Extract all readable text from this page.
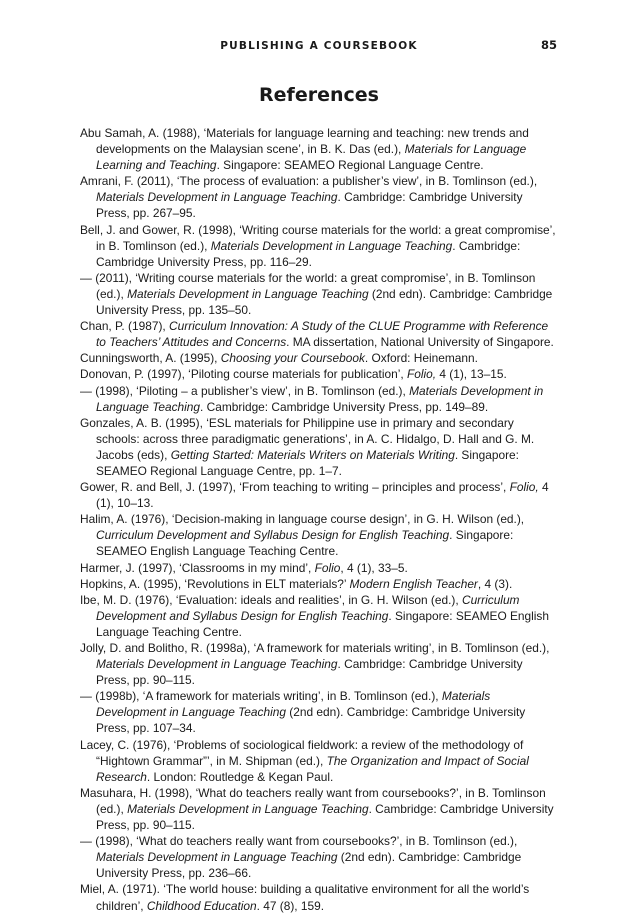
PUBLISHING A COURSEBOOK	85
References
Abu Samah, A. (1988), ‘Materials for language learning and teaching: new trends and developments on the Malaysian scene’, in B. K. Das (ed.), Materials for Language Learning and Teaching. Singapore: SEAMEO Regional Language Centre.
Amrani, F. (2011), ‘The process of evaluation: a publisher’s view’, in B. Tomlinson (ed.), Materials Development in Language Teaching. Cambridge: Cambridge University Press, pp. 267–95.
Bell, J. and Gower, R. (1998), ‘Writing course materials for the world: a great compromise’, in B. Tomlinson (ed.), Materials Development in Language Teaching. Cambridge: Cambridge University Press, pp. 116–29.
— (2011), ‘Writing course materials for the world: a great compromise’, in B. Tomlinson (ed.), Materials Development in Language Teaching (2nd edn). Cambridge: Cambridge University Press, pp. 135–50.
Chan, P. (1987), Curriculum Innovation: A Study of the CLUE Programme with Reference to Teachers’ Attitudes and Concerns. MA dissertation, National University of Singapore.
Cunningsworth, A. (1995), Choosing your Coursebook. Oxford: Heinemann.
Donovan, P. (1997), ‘Piloting course materials for publication’, Folio, 4 (1), 13–15.
— (1998), ‘Piloting – a publisher’s view’, in B. Tomlinson (ed.), Materials Development in Language Teaching. Cambridge: Cambridge University Press, pp. 149–89.
Gonzales, A. B. (1995), ‘ESL materials for Philippine use in primary and secondary schools: across three paradigmatic generations’, in A. C. Hidalgo, D. Hall and G. M. Jacobs (eds), Getting Started: Materials Writers on Materials Writing. Singapore: SEAMEO Regional Language Centre, pp. 1–7.
Gower, R. and Bell, J. (1997), ‘From teaching to writing – principles and process’, Folio, 4 (1), 10–13.
Halim, A. (1976), ‘Decision-making in language course design’, in G. H. Wilson (ed.), Curriculum Development and Syllabus Design for English Teaching. Singapore: SEAMEO English Language Teaching Centre.
Harmer, J. (1997), ‘Classrooms in my mind’, Folio, 4 (1), 33–5.
Hopkins, A. (1995), ‘Revolutions in ELT materials?’ Modern English Teacher, 4 (3).
Ibe, M. D. (1976), ‘Evaluation: ideals and realities’, in G. H. Wilson (ed.), Curriculum Development and Syllabus Design for English Teaching. Singapore: SEAMEO English Language Teaching Centre.
Jolly, D. and Bolitho, R. (1998a), ‘A framework for materials writing’, in B. Tomlinson (ed.), Materials Development in Language Teaching. Cambridge: Cambridge University Press, pp. 90–115.
— (1998b), ‘A framework for materials writing’, in B. Tomlinson (ed.), Materials Development in Language Teaching (2nd edn). Cambridge: Cambridge University Press, pp. 107–34.
Lacey, C. (1976), ‘Problems of sociological fieldwork: a review of the methodology of “Hightown Grammar”’, in M. Shipman (ed.), The Organization and Impact of Social Research. London: Routledge & Kegan Paul.
Masuhara, H. (1998), ‘What do teachers really want from coursebooks?’, in B. Tomlinson (ed.), Materials Development in Language Teaching. Cambridge: Cambridge University Press, pp. 90–115.
— (1998), ‘What do teachers really want from coursebooks?’, in B. Tomlinson (ed.), Materials Development in Language Teaching (2nd edn). Cambridge: Cambridge University Press, pp. 236–66.
Miel, A. (1971). ‘The world house: building a qualitative environment for all the world’s children’, Childhood Education. 47 (8), 159.
